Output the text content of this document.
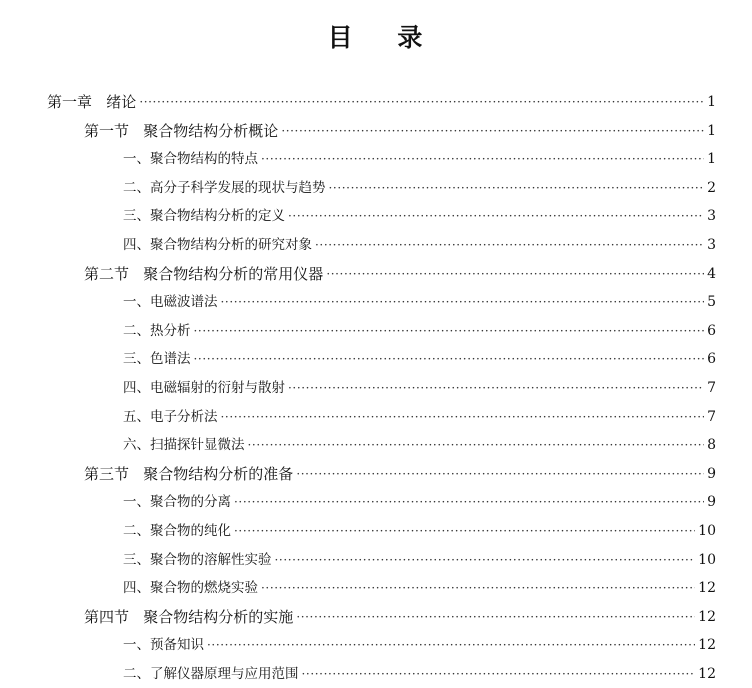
目    录
第一章   绪论 ·····	1
第一节   聚合物结构分析概论 ·····	1
一、聚合物结构的特点 ·····	1
二、高分子科学发展的现状与趋势 ·····	2
三、聚合物结构分析的定义 ·····	3
四、聚合物结构分析的研究对象 ·····	3
第二节   聚合物结构分析的常用仪器 ·····	4
一、电磁波谱法 ·····	5
二、热分析 ·····	6
三、色谱法 ·····	6
四、电磁辐射的衍射与散射 ·····	7
五、电子分析法 ·····	7
六、扫描探针显微法 ·····	8
第三节   聚合物结构分析的准备 ·····	9
一、聚合物的分离 ·····	9
二、聚合物的纯化 ·····	10
三、聚合物的溶解性实验 ·····	10
四、聚合物的燃烧实验 ·····	12
第四节   聚合物结构分析的实施 ·····	12
一、预备知识 ·····	12
二、了解仪器原理与应用范围 ·····	12
